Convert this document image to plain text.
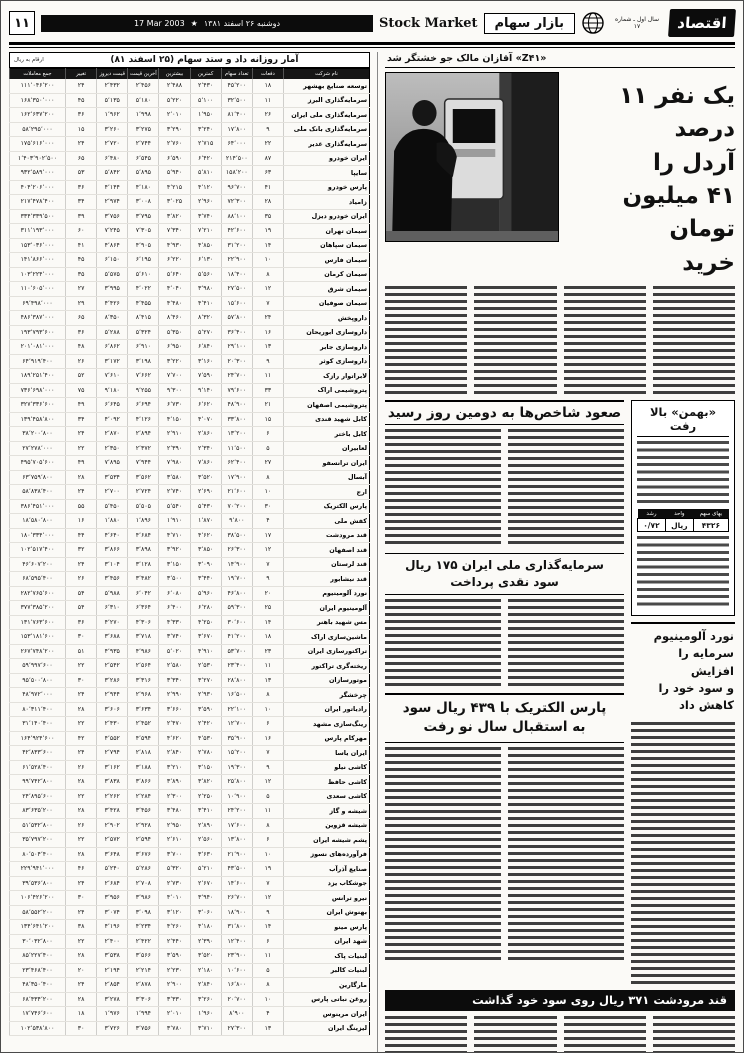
اقتصاد
سال اول ـ شماره ۱۷
بازار سهام
Stock Market
دوشنبه ۲۶ اسفند ۱۳۸۱
★
17 Mar 2003
۱۱
«Z۴۱» آقازان مالک جو خشتگر شد
یک نفر ۱۱ درصد
آردل را
۴۱ میلیون تومان
خرید
«بهمن» بالا رفت
بهای سهم	واحد	رشد
۴۳۲۶	ریال	۰/۷۲
نورد آلومینیوم
سرمایه را افزایش
و سود خود را کاهش داد
صعود شاخص‌ها به دومین روز رسید
سرمایه‌گذاری ملی ایران ۱۷۵ ریال
سود نقدی پرداخت
پارس الکتریک با ۴۳۹ ریال سود
به استقبال سال نو رفت
قند مرودشت ۳۷۱ ریال روی سود خود گذاشت
آمار روزانه داد و ستد سهام (۲۵ اسفند ۸۱)
ارقام به ریال
نام شرکت	دفعات	تعداد سهام	کمترین	بیشترین	آخرین قیمت	قیمت دیروز	تغییر	جمع معاملات
توسعه صنایع بهشهر	۱۸	۴۵٬۲۰۰	۲٬۴۳۰	۲٬۴۸۸	۲٬۴۵۶	۲٬۴۳۲	۲۴	۱۱۱٬۰۴۶٬۲۰۰
سرمایه‌گذاری البرز	۱۱	۳۲٬۵۰۰	۵٬۱۰۰	۵٬۲۲۰	۵٬۱۸۰	۵٬۱۳۵	۴۵	۱۶۸٬۳۵۰٬۰۰۰
سرمایه‌گذاری ملی ایران	۲۶	۸۱٬۴۰۰	۱٬۹۵۰	۲٬۰۱۰	۱٬۹۹۸	۱٬۹۶۲	۳۶	۱۶۲٬۶۳۷٬۲۰۰
سرمایه‌گذاری بانک ملی	۹	۱۷٬۸۰۰	۳٬۲۴۰	۳٬۲۹۰	۳٬۲۷۵	۳٬۲۶۰	۱۵	۵۸٬۲۹۵٬۰۰۰
سرمایه‌گذاری غدیر	۲۲	۶۴٬۰۰۰	۲٬۷۱۵	۲٬۷۶۰	۲٬۷۴۴	۲٬۷۲۰	۲۴	۱۷۵٬۶۱۶٬۰۰۰
ایران خودرو	۸۷	۲۱۴٬۵۰۰	۶٬۴۲۰	۶٬۵۹۰	۶٬۵۴۵	۶٬۴۸۰	۶۵	۱٬۴۰۳٬۹۰۲٬۵۰۰
سایپا	۶۳	۱۵۸٬۲۰۰	۵٬۸۱۰	۵٬۹۴۰	۵٬۸۹۵	۵٬۸۴۲	۵۳	۹۳۲٬۵۸۹٬۰۰۰
پارس خودرو	۴۱	۹۶٬۷۰۰	۴٬۱۲۰	۴٬۲۱۵	۴٬۱۸۰	۴٬۱۴۴	۳۶	۴۰۴٬۲۰۶٬۰۰۰
زامیاد	۲۸	۷۲٬۳۰۰	۲٬۹۶۰	۳٬۰۲۵	۳٬۰۰۸	۲٬۹۷۴	۳۴	۲۱۷٬۴۷۸٬۴۰۰
ایران خودرو دیزل	۳۵	۸۸٬۱۰۰	۳٬۷۴۰	۳٬۸۲۰	۳٬۷۹۵	۳٬۷۵۶	۳۹	۳۳۴٬۳۳۹٬۵۰۰
سیمان تهران	۱۹	۴۲٬۶۰۰	۷٬۲۱۰	۷٬۳۴۰	۷٬۳۰۵	۷٬۲۴۵	۶۰	۳۱۱٬۱۹۳٬۰۰۰
سیمان سپاهان	۱۴	۳۱٬۲۰۰	۴٬۸۵۰	۴٬۹۳۰	۴٬۹۰۵	۴٬۸۶۴	۴۱	۱۵۳٬۰۳۶٬۰۰۰
سیمان فارس	۱۰	۲۲٬۹۰۰	۶٬۱۳۰	۶٬۲۲۰	۶٬۱۹۵	۶٬۱۵۰	۴۵	۱۴۱٬۸۶۶٬۰۰۰
سیمان کرمان	۸	۱۸٬۴۰۰	۵٬۵۶۰	۵٬۶۴۰	۵٬۶۱۰	۵٬۵۷۵	۳۵	۱۰۳٬۲۲۴٬۰۰۰
سیمان شرق	۱۲	۲۷٬۵۰۰	۳٬۹۸۰	۴٬۰۴۰	۴٬۰۲۲	۳٬۹۹۵	۲۷	۱۱۰٬۶۰۵٬۰۰۰
سیمان صوفیان	۷	۱۵٬۶۰۰	۴٬۴۱۰	۴٬۴۸۰	۴٬۴۵۵	۴٬۴۲۶	۲۹	۶۹٬۴۹۸٬۰۰۰
داروپخش	۲۴	۵۷٬۸۰۰	۸٬۳۲۰	۸٬۴۶۰	۸٬۴۱۵	۸٬۳۵۰	۶۵	۴۸۶٬۳۸۷٬۰۰۰
داروسازی ابوریحان	۱۶	۳۶٬۴۰۰	۵٬۲۷۰	۵٬۳۵۰	۵٬۳۲۴	۵٬۲۸۸	۳۶	۱۹۳٬۷۹۳٬۶۰۰
داروسازی جابر	۱۳	۲۹٬۱۰۰	۶٬۸۴۰	۶٬۹۵۰	۶٬۹۱۰	۶٬۸۶۲	۴۸	۲۰۱٬۰۸۱٬۰۰۰
داروسازی کوثر	۹	۲۰٬۳۰۰	۳٬۱۶۰	۳٬۲۲۰	۳٬۱۹۸	۳٬۱۷۲	۲۶	۶۴٬۹۱۹٬۴۰۰
لابراتوار رازک	۱۱	۲۴٬۷۰۰	۷٬۵۹۰	۷٬۷۰۰	۷٬۶۶۲	۷٬۶۱۰	۵۲	۱۸۹٬۲۵۱٬۴۰۰
پتروشیمی اراک	۳۳	۷۹٬۶۰۰	۹٬۱۴۰	۹٬۳۰۰	۹٬۲۵۵	۹٬۱۸۰	۷۵	۷۳۶٬۶۹۸٬۰۰۰
پتروشیمی اصفهان	۲۱	۴۸٬۹۰۰	۶٬۶۲۰	۶٬۷۳۰	۶٬۶۹۴	۶٬۶۴۵	۴۹	۳۲۷٬۳۳۶٬۶۰۰
کابل شهید قندی	۱۵	۳۳٬۸۰۰	۴٬۰۷۰	۴٬۱۵۰	۴٬۱۲۶	۴٬۰۹۲	۳۴	۱۳۹٬۴۵۸٬۸۰۰
کابل باختر	۶	۱۳٬۲۰۰	۲٬۸۶۰	۲٬۹۱۰	۲٬۸۹۴	۲٬۸۷۰	۲۴	۳۸٬۲۰۰٬۸۰۰
لعابیران	۵	۱۱٬۵۰۰	۲٬۳۴۰	۲٬۳۹۰	۲٬۳۷۲	۲٬۳۵۰	۲۲	۲۷٬۲۷۸٬۰۰۰
ایران ترانسفو	۲۷	۶۲٬۴۰۰	۷٬۸۶۰	۷٬۹۸۰	۷٬۹۴۴	۷٬۸۹۵	۴۹	۴۹۵٬۷۰۵٬۶۰۰
آبسال	۸	۱۷٬۹۰۰	۳٬۵۲۰	۳٬۵۸۰	۳٬۵۶۲	۳٬۵۳۴	۲۸	۶۳٬۷۵۹٬۸۰۰
ارج	۱۰	۲۱٬۶۰۰	۲٬۶۹۰	۲٬۷۴۰	۲٬۷۲۴	۲٬۷۰۰	۲۴	۵۸٬۸۳۸٬۴۰۰
پارس الکتریک	۳۰	۷۰٬۲۰۰	۵٬۴۳۰	۵٬۵۴۰	۵٬۵۰۵	۵٬۴۵۰	۵۵	۳۸۶٬۴۵۱٬۰۰۰
کفش ملی	۴	۹٬۸۰۰	۱٬۸۷۰	۱٬۹۱۰	۱٬۸۹۶	۱٬۸۸۰	۱۶	۱۸٬۵۸۰٬۸۰۰
قند مرودشت	۱۷	۳۸٬۵۰۰	۴٬۶۲۰	۴٬۷۱۰	۴٬۶۸۴	۴٬۶۴۰	۴۴	۱۸۰٬۳۳۴٬۰۰۰
قند اصفهان	۱۲	۲۶٬۳۰۰	۳٬۸۵۰	۳٬۹۲۰	۳٬۸۹۸	۳٬۸۶۶	۳۲	۱۰۲٬۵۱۷٬۴۰۰
قند لرستان	۷	۱۴٬۹۰۰	۳٬۰۹۰	۳٬۱۵۰	۳٬۱۲۸	۳٬۱۰۴	۲۴	۴۶٬۶۰۷٬۲۰۰
قند نیشابور	۹	۱۹٬۷۰۰	۳٬۴۴۰	۳٬۵۰۰	۳٬۴۸۲	۳٬۴۵۶	۲۶	۶۸٬۵۹۵٬۴۰۰
نورد آلومینیوم	۲۰	۴۶٬۸۰۰	۵٬۹۶۰	۶٬۰۸۰	۶٬۰۴۲	۵٬۹۸۸	۵۴	۲۸۲٬۷۶۵٬۶۰۰
آلومینیوم ایران	۲۵	۵۹٬۳۰۰	۶٬۲۸۰	۶٬۴۰۰	۶٬۳۶۴	۶٬۳۱۰	۵۴	۳۷۷٬۳۸۵٬۲۰۰
مس شهید باهنر	۱۴	۳۰٬۶۰۰	۴٬۲۵۰	۴٬۳۳۰	۴٬۳۰۶	۴٬۲۷۰	۳۶	۱۳۱٬۷۶۳٬۶۰۰
ماشین‌سازی اراک	۱۸	۴۱٬۲۰۰	۳٬۶۷۰	۳٬۷۴۰	۳٬۷۱۸	۳٬۶۸۸	۳۰	۱۵۳٬۱۸۱٬۶۰۰
تراکتورسازی ایران	۲۳	۵۳٬۷۰۰	۴٬۹۱۰	۵٬۰۲۰	۴٬۹۸۶	۴٬۹۳۵	۵۱	۲۶۷٬۷۴۸٬۲۰۰
ریخته‌گری تراکتور	۱۱	۲۳٬۴۰۰	۲٬۵۳۰	۲٬۵۸۰	۲٬۵۶۴	۲٬۵۴۲	۲۲	۵۹٬۹۹۷٬۶۰۰
موتورسازان	۱۳	۲۸٬۸۰۰	۳٬۲۷۰	۳٬۳۴۰	۳٬۳۱۶	۳٬۲۸۶	۳۰	۹۵٬۵۰۰٬۸۰۰
چرخشگر	۸	۱۶٬۵۰۰	۲٬۹۳۰	۲٬۹۹۰	۲٬۹۶۸	۲٬۹۴۴	۲۴	۴۸٬۹۷۲٬۰۰۰
رادیاتور ایران	۱۰	۲۲٬۱۰۰	۳٬۵۹۰	۳٬۶۶۰	۳٬۶۳۴	۳٬۶۰۶	۲۸	۸۰٬۳۱۱٬۴۰۰
رینگ‌سازی مشهد	۶	۱۲٬۷۰۰	۲٬۴۲۰	۲٬۴۷۰	۲٬۴۵۲	۲٬۴۳۰	۲۲	۳۱٬۱۴۰٬۴۰۰
مهرکام پارس	۱۶	۳۵٬۹۰۰	۴٬۵۳۰	۴٬۶۲۰	۴٬۵۹۴	۴٬۵۵۲	۴۲	۱۶۴٬۹۲۴٬۶۰۰
ایران یاسا	۷	۱۵٬۲۰۰	۲٬۷۸۰	۲٬۸۴۰	۲٬۸۱۸	۲٬۷۹۴	۲۴	۴۲٬۸۳۳٬۶۰۰
کاشی نیلو	۹	۱۹٬۳۰۰	۳٬۱۵۰	۳٬۲۱۰	۳٬۱۸۸	۳٬۱۶۲	۲۶	۶۱٬۵۲۸٬۴۰۰
کاشی حافظ	۱۲	۲۵٬۸۰۰	۳٬۸۲۰	۳٬۸۹۰	۳٬۸۶۶	۳٬۸۳۸	۲۸	۹۹٬۷۴۲٬۸۰۰
کاشی سعدی	۵	۱۰٬۹۰۰	۲٬۲۵۰	۲٬۳۰۰	۲٬۲۸۴	۲٬۲۶۲	۲۲	۲۴٬۸۹۵٬۶۰۰
شیشه و گاز	۱۱	۲۴٬۲۰۰	۳٬۴۱۰	۳٬۴۸۰	۳٬۴۵۶	۳٬۴۲۸	۲۸	۸۳٬۶۳۵٬۲۰۰
شیشه قزوین	۸	۱۷٬۶۰۰	۲٬۸۹۰	۲٬۹۵۰	۲٬۹۲۸	۲٬۹۰۲	۲۶	۵۱٬۵۳۲٬۸۰۰
پشم شیشه ایران	۶	۱۳٬۸۰۰	۲٬۵۶۰	۲٬۶۱۰	۲٬۵۹۴	۲٬۵۷۲	۲۲	۳۵٬۷۹۷٬۲۰۰
فرآورده‌های نسوز	۱۰	۲۱٬۹۰۰	۳٬۶۳۰	۳٬۷۰۰	۳٬۶۷۶	۳٬۶۴۸	۲۸	۸۰٬۵۰۴٬۴۰۰
صنایع آذرآب	۱۹	۴۳٬۵۰۰	۵٬۲۱۰	۵٬۳۲۰	۵٬۲۸۶	۵٬۲۴۰	۴۶	۲۲۹٬۹۴۱٬۰۰۰
جوشکاب یزد	۷	۱۴٬۶۰۰	۲٬۶۷۰	۲٬۷۳۰	۲٬۷۰۸	۲٬۶۸۴	۲۴	۳۹٬۵۳۶٬۸۰۰
نیرو ترانس	۱۲	۲۶٬۷۰۰	۳٬۹۴۰	۴٬۰۱۰	۳٬۹۸۶	۳٬۹۵۶	۳۰	۱۰۶٬۴۲۶٬۲۰۰
بهنوش ایران	۹	۱۸٬۹۰۰	۳٬۰۶۰	۳٬۱۲۰	۳٬۰۹۸	۳٬۰۷۴	۲۴	۵۸٬۵۵۲٬۲۰۰
پارس مینو	۱۴	۳۱٬۸۰۰	۴٬۱۸۰	۴٬۲۶۰	۴٬۲۳۴	۴٬۱۹۶	۳۸	۱۳۴٬۶۴۱٬۲۰۰
شهد ایران	۶	۱۲٬۴۰۰	۲٬۳۹۰	۲٬۴۴۰	۲٬۴۲۲	۲٬۴۰۰	۲۲	۳۰٬۰۳۲٬۸۰۰
لبنیات پاک	۱۱	۲۳٬۹۰۰	۳٬۵۲۰	۳٬۵۹۰	۳٬۵۶۶	۳٬۵۳۸	۲۸	۸۵٬۲۲۷٬۴۰۰
لبنیات کالبر	۵	۱۰٬۶۰۰	۲٬۱۸۰	۲٬۲۳۰	۲٬۲۱۴	۲٬۱۹۴	۲۰	۲۳٬۴۶۸٬۴۰۰
مارگارین	۸	۱۶٬۸۰۰	۲٬۸۴۰	۲٬۹۰۰	۲٬۸۷۸	۲٬۸۵۴	۲۴	۴۸٬۳۵۰٬۴۰۰
روغن نباتی پارس	۱۰	۲۰٬۷۰۰	۳٬۲۶۰	۳٬۳۳۰	۳٬۳۰۶	۳٬۲۷۸	۲۸	۶۸٬۴۳۴٬۲۰۰
ایران مرینوس	۴	۸٬۹۰۰	۱٬۹۶۰	۲٬۰۱۰	۱٬۹۹۴	۱٬۹۷۶	۱۸	۱۷٬۷۴۶٬۶۰۰
لیزینگ ایران	۱۳	۲۷٬۳۰۰	۳٬۷۱۰	۳٬۷۸۰	۳٬۷۵۶	۳٬۷۲۶	۳۰	۱۰۲٬۵۳۸٬۸۰۰
